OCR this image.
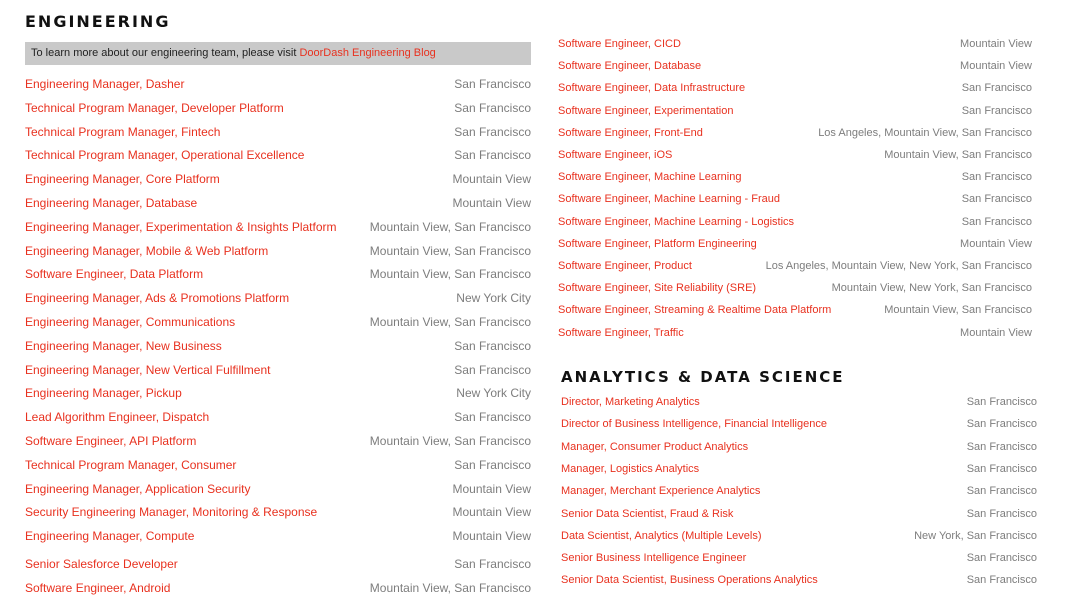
ENGINEERING
To learn more about our engineering team, please visit DoorDash Engineering Blog
Engineering Manager, Dasher	San Francisco
Technical Program Manager, Developer Platform	San Francisco
Technical Program Manager, Fintech	San Francisco
Technical Program Manager, Operational Excellence	San Francisco
Engineering Manager, Core Platform	Mountain View
Engineering Manager, Database	Mountain View
Engineering Manager, Experimentation & Insights Platform	Mountain View, San Francisco
Engineering Manager, Mobile & Web Platform	Mountain View, San Francisco
Software Engineer, Data Platform	Mountain View, San Francisco
Engineering Manager, Ads & Promotions Platform	New York City
Engineering Manager, Communications	Mountain View, San Francisco
Engineering Manager, New Business	San Francisco
Engineering Manager, New Vertical Fulfillment	San Francisco
Engineering Manager, Pickup	New York City
Lead Algorithm Engineer, Dispatch	San Francisco
Software Engineer, API Platform	Mountain View, San Francisco
Technical Program Manager, Consumer	San Francisco
Engineering Manager, Application Security	Mountain View
Security Engineering Manager, Monitoring & Response	Mountain View
Engineering Manager, Compute	Mountain View
Senior Salesforce Developer	San Francisco
Software Engineer, Android	Mountain View, San Francisco
Software Engineer, CICD	Mountain View
Software Engineer, Database	Mountain View
Software Engineer, Data Infrastructure	San Francisco
Software Engineer, Experimentation	San Francisco
Software Engineer, Front-End	Los Angeles, Mountain View, San Francisco
Software Engineer, iOS	Mountain View, San Francisco
Software Engineer, Machine Learning	San Francisco
Software Engineer, Machine Learning - Fraud	San Francisco
Software Engineer, Machine Learning - Logistics	San Francisco
Software Engineer, Platform Engineering	Mountain View
Software Engineer, Product	Los Angeles, Mountain View, New York, San Francisco
Software Engineer, Site Reliability (SRE)	Mountain View, New York, San Francisco
Software Engineer, Streaming & Realtime Data Platform	Mountain View, San Francisco
Software Engineer, Traffic	Mountain View
ANALYTICS & DATA SCIENCE
Director, Marketing Analytics	San Francisco
Director of Business Intelligence, Financial Intelligence	San Francisco
Manager, Consumer Product Analytics	San Francisco
Manager, Logistics Analytics	San Francisco
Manager, Merchant Experience Analytics	San Francisco
Senior Data Scientist, Fraud & Risk	San Francisco
Data Scientist, Analytics (Multiple Levels)	New York, San Francisco
Senior Business Intelligence Engineer	San Francisco
Senior Data Scientist, Business Operations Analytics	San Francisco
